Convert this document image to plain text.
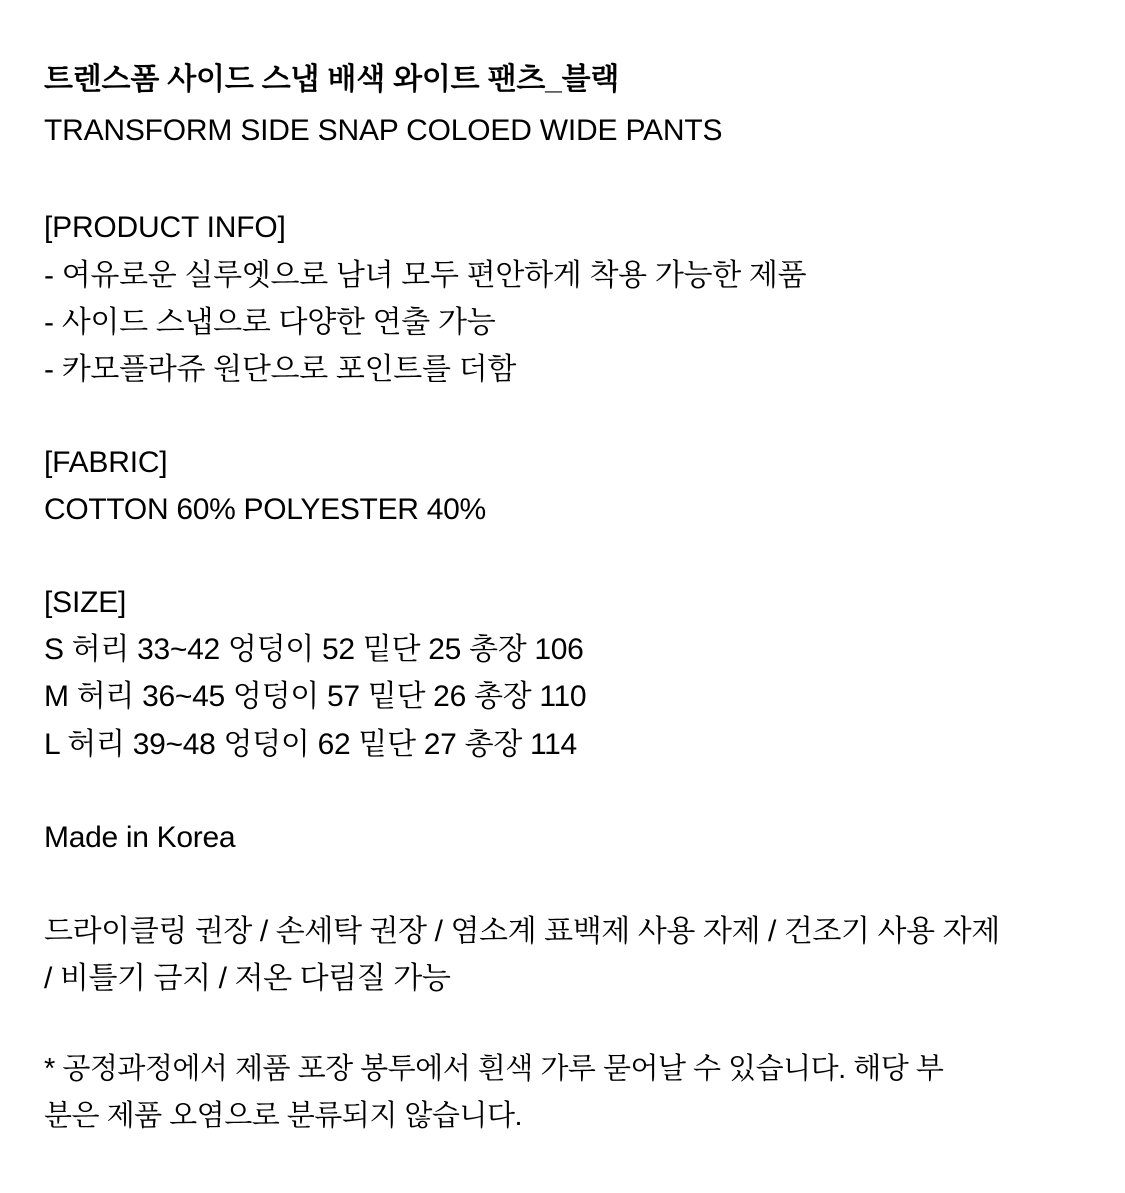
트렌스폼 사이드 스냅 배색 와이트 팬츠_블랙
TRANSFORM SIDE SNAP COLOED WIDE PANTS

[PRODUCT INFO]

- 여유로운 실루엣으로 남녀 모두 편안하게 착용 가능한 제품

- 사이드 스냅으로 다양한 연출 가능

- 카모플라쥬 원단으로 포인트를 더함

[FABRIC]

COTTON 60% POLYESTER 40%

[SIZE]

S 허리 33~42 엉덩이 52 밑단 25 총장 106

M 허리 36~45 엉덩이 57 밑단 26 총장 110

L 허리 39~48 엉덩이 62 밑단 27 총장 114

Made in Korea

드라이클링 권장 / 손세탁 권장 / 염소계 표백제 사용 자제 / 건조기 사용 자제

/ 비틀기 금지 / 저온 다림질 가능

* 공정과정에서 제품 포장 봉투에서 흰색 가루 묻어날 수 있습니다. 해당 부

분은 제품 오염으로 분류되지 않습니다.
